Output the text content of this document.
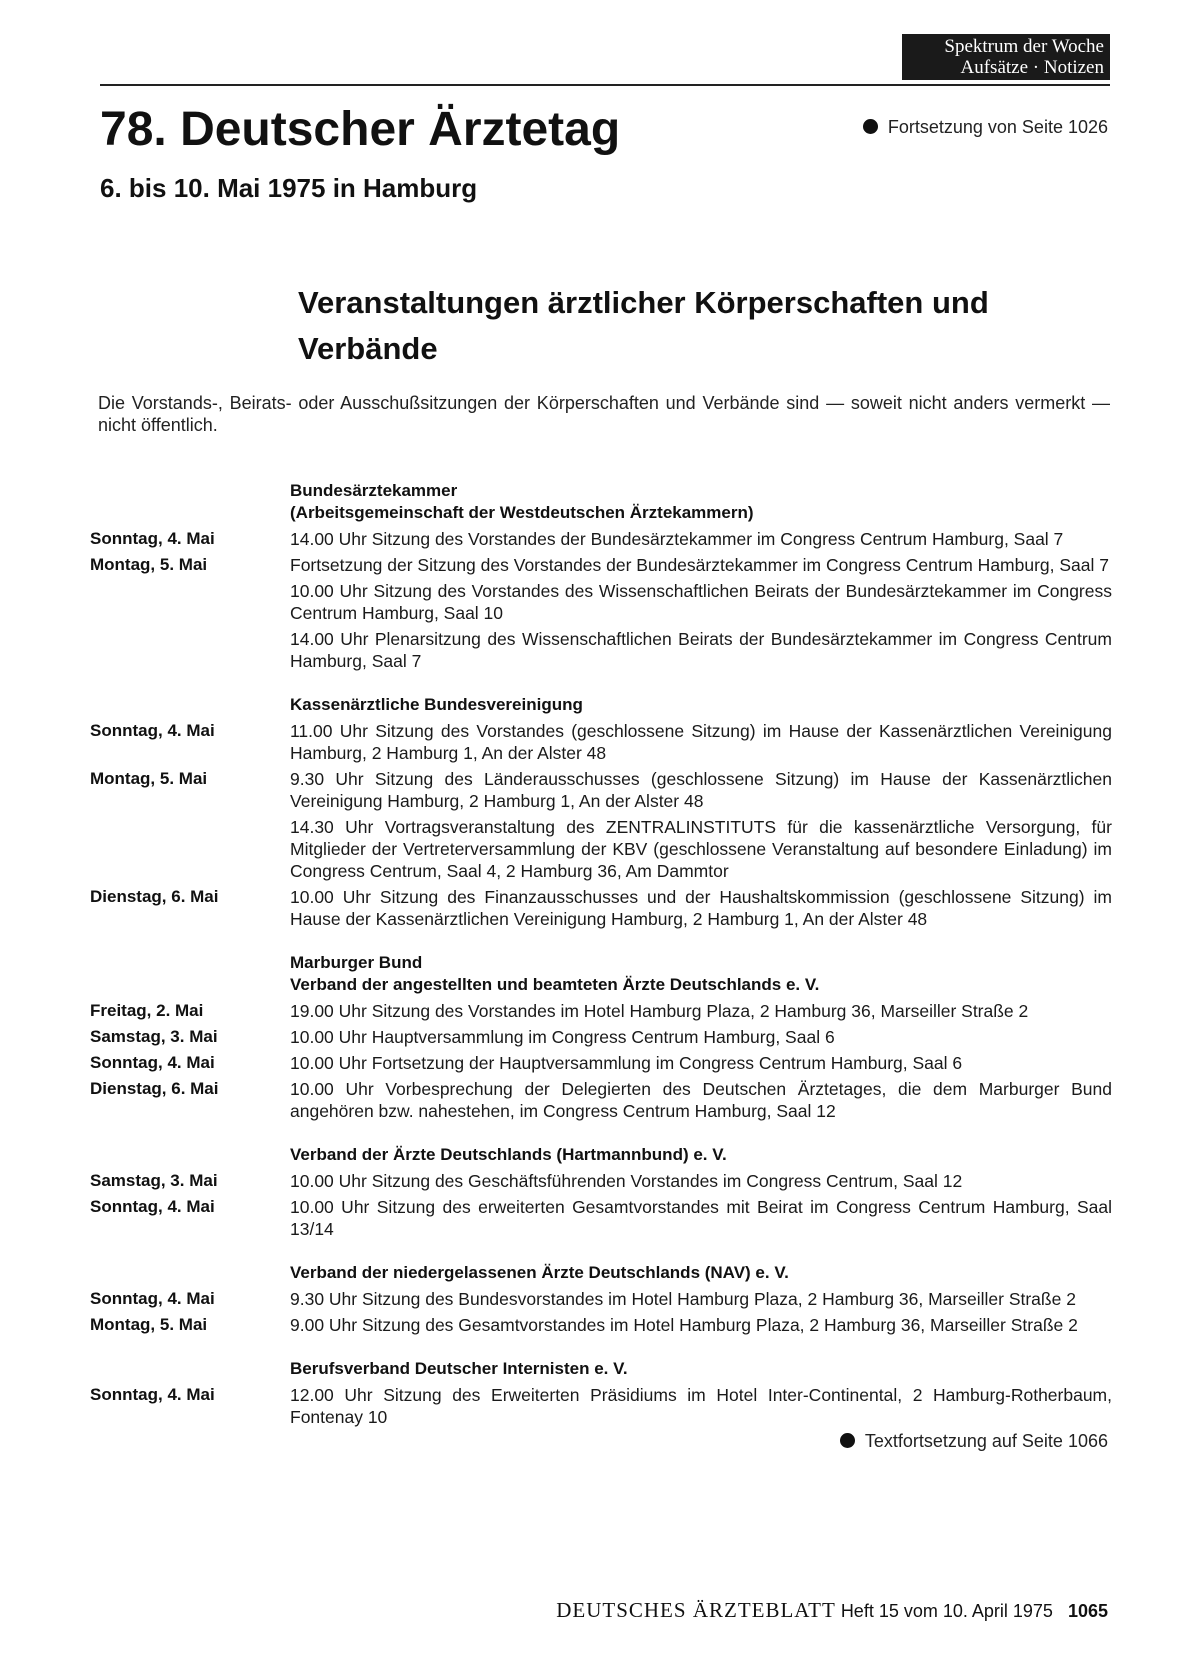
Spektrum der Woche
Aufsätze · Notizen
78. Deutscher Ärztetag
6. bis 10. Mai 1975 in Hamburg
Fortsetzung von Seite 1026
Veranstaltungen ärztlicher Körperschaften und Verbände

Die Vorstands-, Beirats- oder Ausschußsitzungen der Körperschaften und Verbände sind — soweit nicht anders vermerkt — nicht öffentlich.

Bundesärztekammer
(Arbeitsgemeinschaft der Westdeutschen Ärztekammern)
Sonntag, 4. Mai	14.00 Uhr Sitzung des Vorstandes der Bundesärztekammer im Congress Centrum Hamburg, Saal 7
Montag, 5. Mai	Fortsetzung der Sitzung des Vorstandes der Bundesärztekammer im Congress Centrum Hamburg, Saal 7
10.00 Uhr Sitzung des Vorstandes des Wissenschaftlichen Beirats der Bundesärztekammer im Congress Centrum Hamburg, Saal 10
14.00 Uhr Plenarsitzung des Wissenschaftlichen Beirats der Bundesärztekammer im Congress Centrum Hamburg, Saal 7
Kassenärztliche Bundesvereinigung
Sonntag, 4. Mai	11.00 Uhr Sitzung des Vorstandes (geschlossene Sitzung) im Hause der Kassenärztlichen Vereinigung Hamburg, 2 Hamburg 1, An der Alster 48
Montag, 5. Mai	9.30 Uhr Sitzung des Länderausschusses (geschlossene Sitzung) im Hause der Kassenärztlichen Vereinigung Hamburg, 2 Hamburg 1, An der Alster 48
14.30 Uhr Vortragsveranstaltung des ZENTRALINSTITUTS für die kassenärztliche Versorgung, für Mitglieder der Vertreterversammlung der KBV (geschlossene Veranstaltung auf besondere Einladung) im Congress Centrum, Saal 4, 2 Hamburg 36, Am Dammtor
Dienstag, 6. Mai	10.00 Uhr Sitzung des Finanzausschusses und der Haushaltskommission (geschlossene Sitzung) im Hause der Kassenärztlichen Vereinigung Hamburg, 2 Hamburg 1, An der Alster 48
Marburger Bund
Verband der angestellten und beamteten Ärzte Deutschlands e. V.
Freitag, 2. Mai	19.00 Uhr Sitzung des Vorstandes im Hotel Hamburg Plaza, 2 Hamburg 36, Marseiller Straße 2
Samstag, 3. Mai	10.00 Uhr Hauptversammlung im Congress Centrum Hamburg, Saal 6
Sonntag, 4. Mai	10.00 Uhr Fortsetzung der Hauptversammlung im Congress Centrum Hamburg, Saal 6
Dienstag, 6. Mai	10.00 Uhr Vorbesprechung der Delegierten des Deutschen Ärztetages, die dem Marburger Bund angehören bzw. nahestehen, im Congress Centrum Hamburg, Saal 12
Verband der Ärzte Deutschlands (Hartmannbund) e. V.
Samstag, 3. Mai	10.00 Uhr Sitzung des Geschäftsführenden Vorstandes im Congress Centrum, Saal 12
Sonntag, 4. Mai	10.00 Uhr Sitzung des erweiterten Gesamtvorstandes mit Beirat im Congress Centrum Hamburg, Saal 13/14
Verband der niedergelassenen Ärzte Deutschlands (NAV) e. V.
Sonntag, 4. Mai	9.30 Uhr Sitzung des Bundesvorstandes im Hotel Hamburg Plaza, 2 Hamburg 36, Marseiller Straße 2
Montag, 5. Mai	9.00 Uhr Sitzung des Gesamtvorstandes im Hotel Hamburg Plaza, 2 Hamburg 36, Marseiller Straße 2
Berufsverband Deutscher Internisten e. V.
Sonntag, 4. Mai	12.00 Uhr Sitzung des Erweiterten Präsidiums im Hotel Inter-Continental, 2 Hamburg-Rotherbaum, Fontenay 10
Textfortsetzung auf Seite 1066
DEUTSCHES ÄRZTEBLATT Heft 15 vom 10. April 1975 1065
